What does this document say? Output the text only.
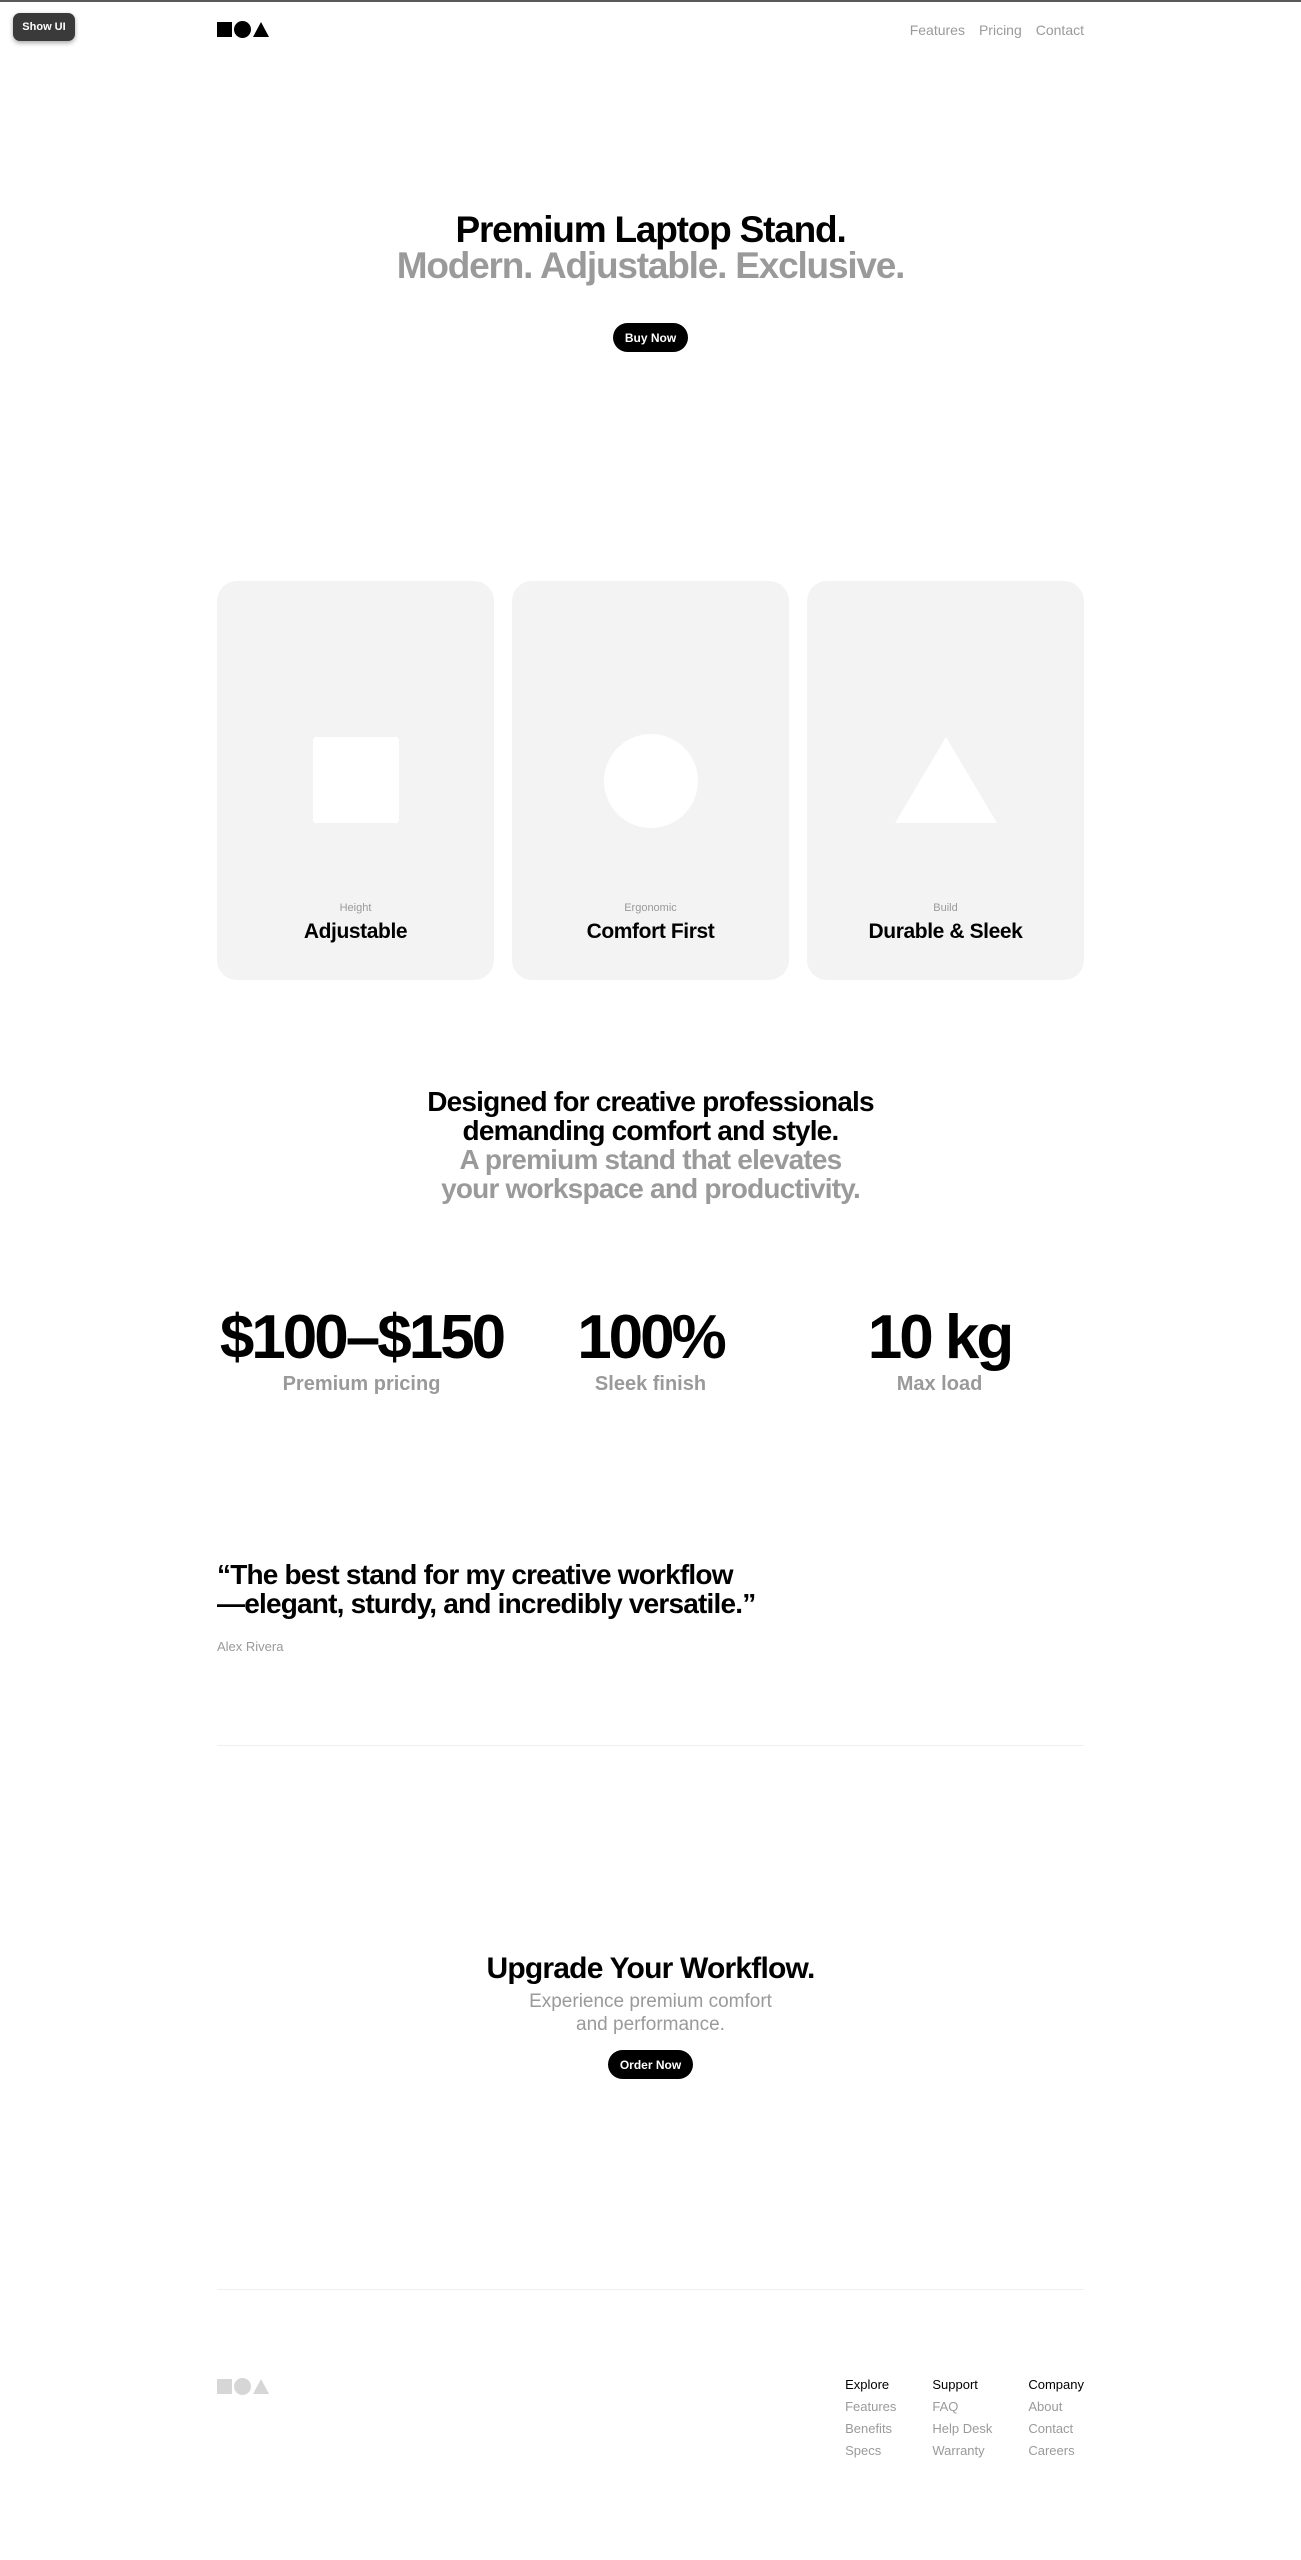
Show UI	Features Pricing Contact
Premium Laptop Stand.
Modern. Adjustable. Exclusive.
Buy Now
Height
Adjustable
Ergonomic
Comfort First
Build
Durable & Sleek
Designed for creative professionals
demanding comfort and style.
A premium stand that elevates
your workspace and productivity.
$100–$150
Premium pricing
100%
Sleek finish
10 kg
Max load
“The best stand for my creative workflow
—elegant, sturdy, and incredibly versatile.”
Alex Rivera
Upgrade Your Workflow.
Experience premium comfort
and performance.
Order Now
Explore
Features
Benefits
Specs
Support
FAQ
Help Desk
Warranty
Company
About
Contact
Careers
